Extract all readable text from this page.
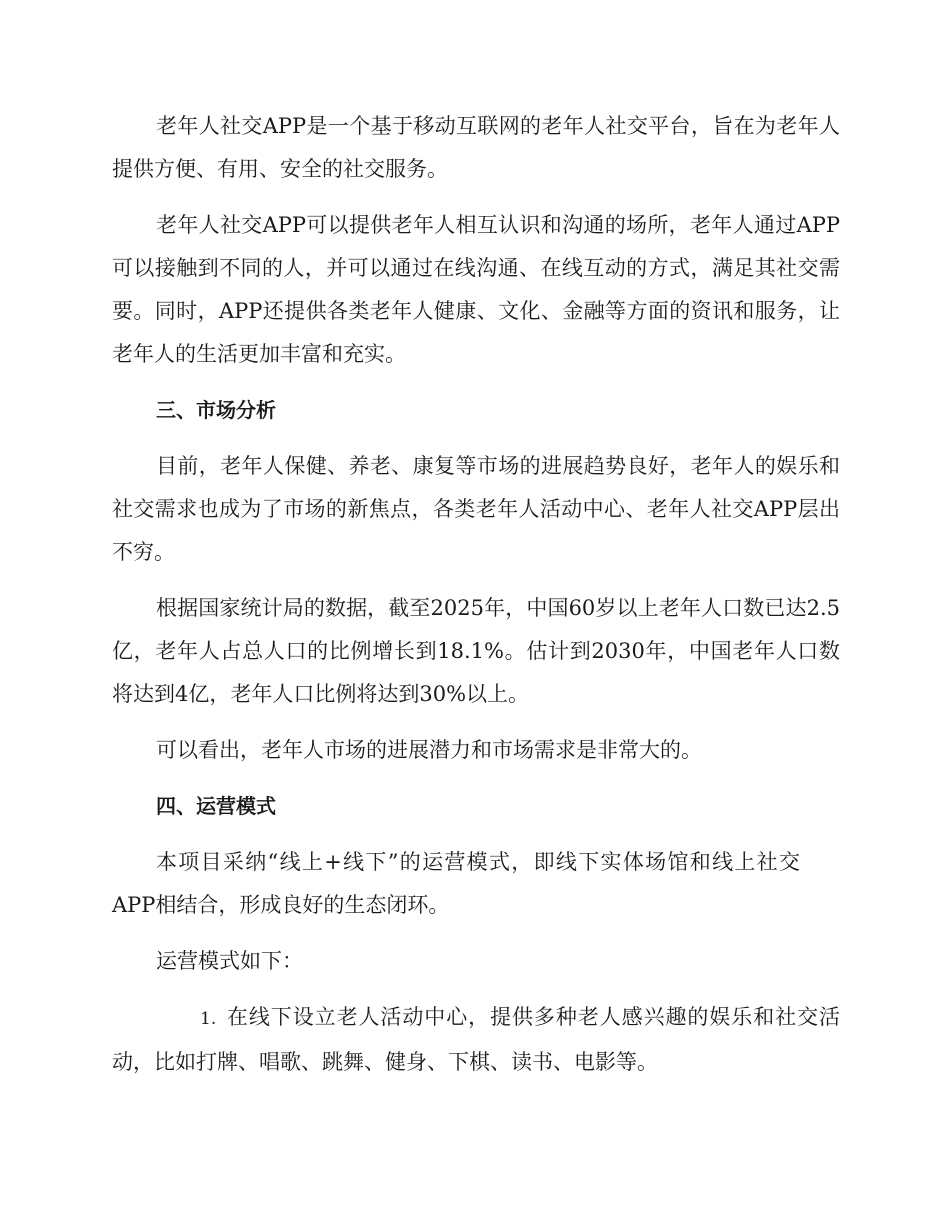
老年人社交APP是一个基于移动互联网的老年人社交平台，旨在为老年人提供方便、有用、安全的社交服务。

老年人社交APP可以提供老年人相互认识和沟通的场所，老年人通过APP可以接触到不同的人，并可以通过在线沟通、在线互动的方式，满足其社交需要。同时，APP还提供各类老年人健康、文化、金融等方面的资讯和服务，让老年人的生活更加丰富和充实。

三、市场分析

目前，老年人保健、养老、康复等市场的进展趋势良好，老年人的娱乐和社交需求也成为了市场的新焦点，各类老年人活动中心、老年人社交APP层出不穷。

根据国家统计局的数据，截至2025年，中国60岁以上老年人口数已达2.5亿，老年人占总人口的比例增长到18.1%。估计到2030年，中国老年人口数将达到4亿，老年人口比例将达到30%以上。

可以看出，老年人市场的进展潜力和市场需求是非常大的。

四、运营模式

本项目采纳“线上+线下”的运营模式，即线下实体场馆和线上社交APP相结合，形成良好的生态闭环。

运营模式如下：

1. 在线下设立老人活动中心，提供多种老人感兴趣的娱乐和社交活动，比如打牌、唱歌、跳舞、健身、下棋、读书、电影等。
